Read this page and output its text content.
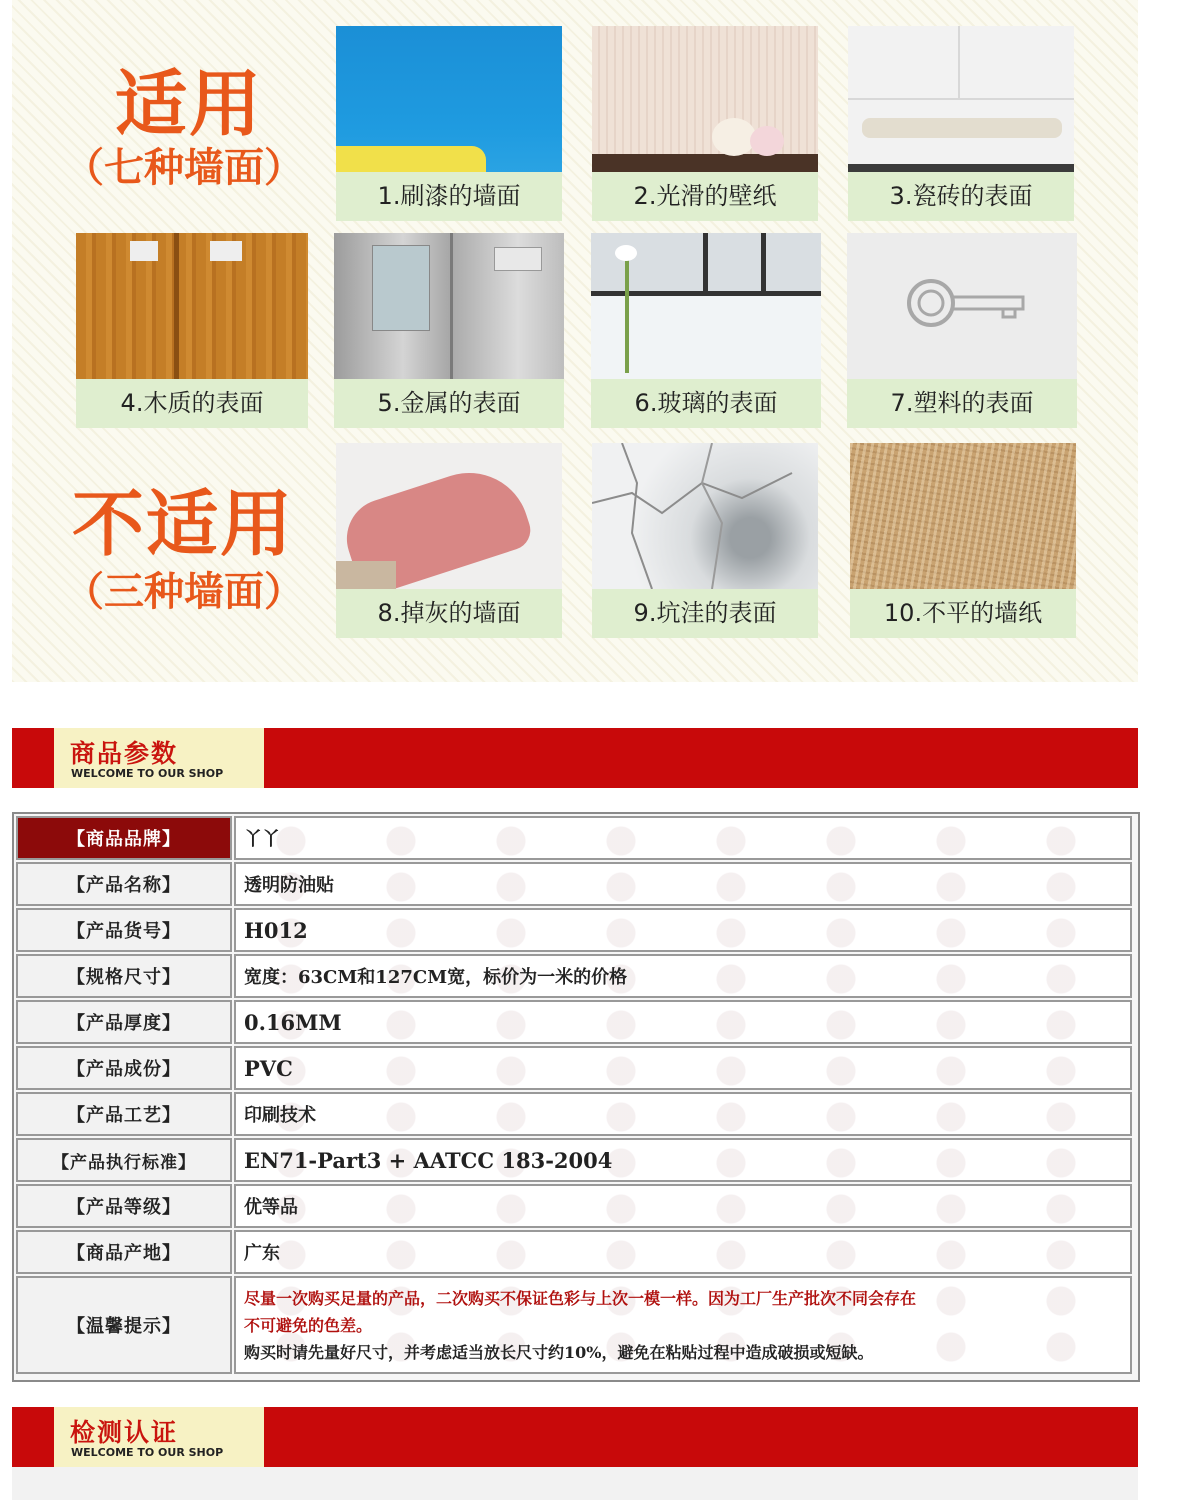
适用
（七种墙面）
不适用
（三种墙面）
1.刷漆的墙面	2.光滑的壁纸	3.瓷砖的表面
4.木质的表面	5.金属的表面	6.玻璃的表面	7.塑料的表面
8.掉灰的墙面	9.坑洼的表面	10.不平的墙纸
商品参数
WELCOME TO OUR SHOP
【商品品牌】	丫丫
【产品名称】	透明防油贴
【产品货号】	H012
【规格尺寸】	宽度：63CM和127CM宽，标价为一米的价格
【产品厚度】	0.16MM
【产品成份】	PVC
【产品工艺】	印刷技术
【产品执行标准】	EN71-Part3 + AATCC 183-2004
【产品等级】	优等品
【商品产地】	广东
【温馨提示】
尽量一次购买足量的产品，二次购买不保证色彩与上次一模一样。因为工厂生产批次不同会存在
不可避免的色差。
购买时请先量好尺寸，并考虑适当放长尺寸约10%，避免在粘贴过程中造成破损或短缺。
检测认证
WELCOME TO OUR SHOP
